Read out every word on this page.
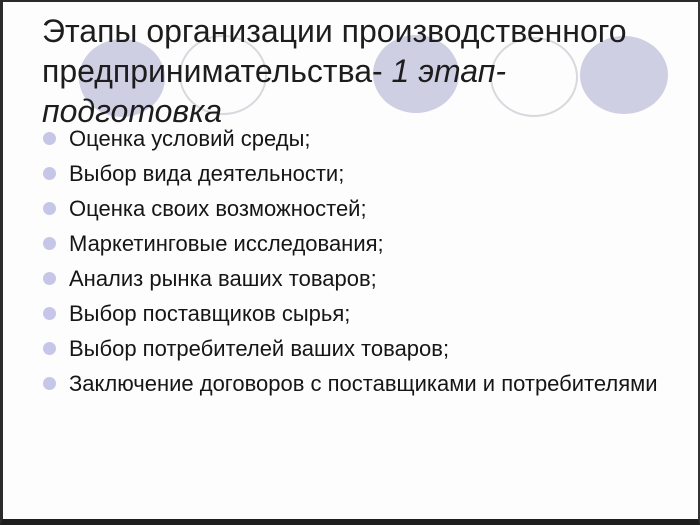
Этапы организации производственного
предпринимательства- 1 этап-
подготовка
Оценка условий среды;
Выбор вида деятельности;
Оценка своих возможностей;
Маркетинговые исследования;
Анализ рынка ваших товаров;
Выбор поставщиков сырья;
Выбор потребителей ваших товаров;
Заключение договоров с поставщиками и потребителями
